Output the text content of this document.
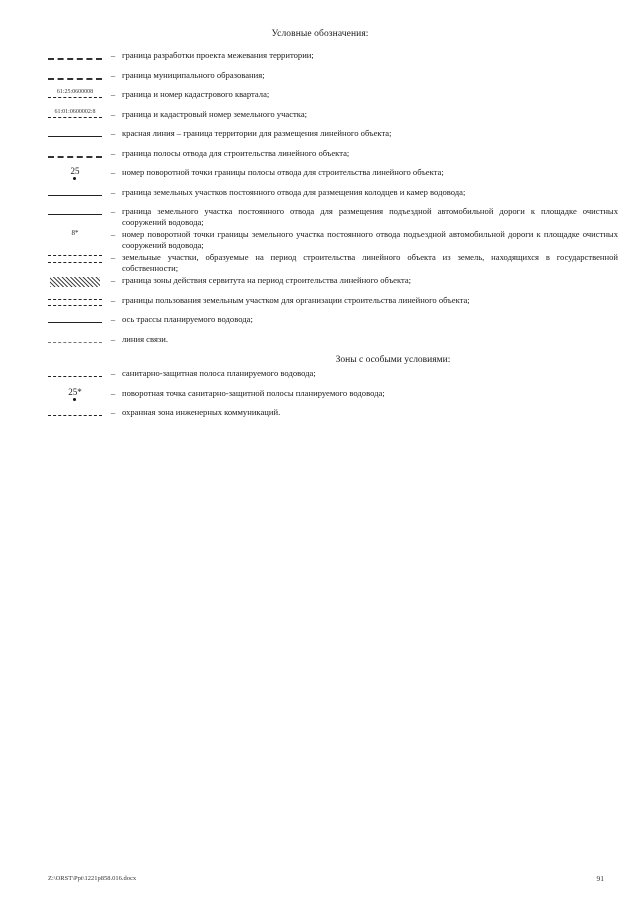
Условные обозначения:
– граница разработки проекта межевания территории;
– граница муниципального образования;
61:25:0600008	– граница и номер кадастрового квартала;
61:01:0600002:8	– граница и кадастровый номер земельного участка;
– красная линия – граница территории для размещения линейного объекта;
– граница полосы отвода для строительства линейного объекта;
25	– номер поворотной точки границы полосы отвода для строительства линейного объекта;
– граница земельных участков постоянного отвода для размещения колодцев и камер водовода;
– граница земельного участка постоянного отвода для размещения подъездной автомобильной дороги к площадке очистных сооружений водовода;
8*	– номер поворотной точки границы земельного участка постоянного отвода подъездной автомобильной дороги к площадке очистных сооружений водовода;
– земельные участки, образуемые на период строительства линейного объекта из земель, находящихся в государственной собственности;
– граница зоны действия сервитута на период строительства линейного объекта;
– границы пользования земельным участком для организации строительства линейного объекта;
– ось трассы планируемого водовода;
– линия связи.
Зоны с особыми условиями:
– санитарно-защитная полоса планируемого водовода;
25*	– поворотная точка санитарно-защитной полосы планируемого водовода;
– охранная зона инженерных коммуникаций.
Z:\ORST\Ppt\1221p858.016.docx	91
